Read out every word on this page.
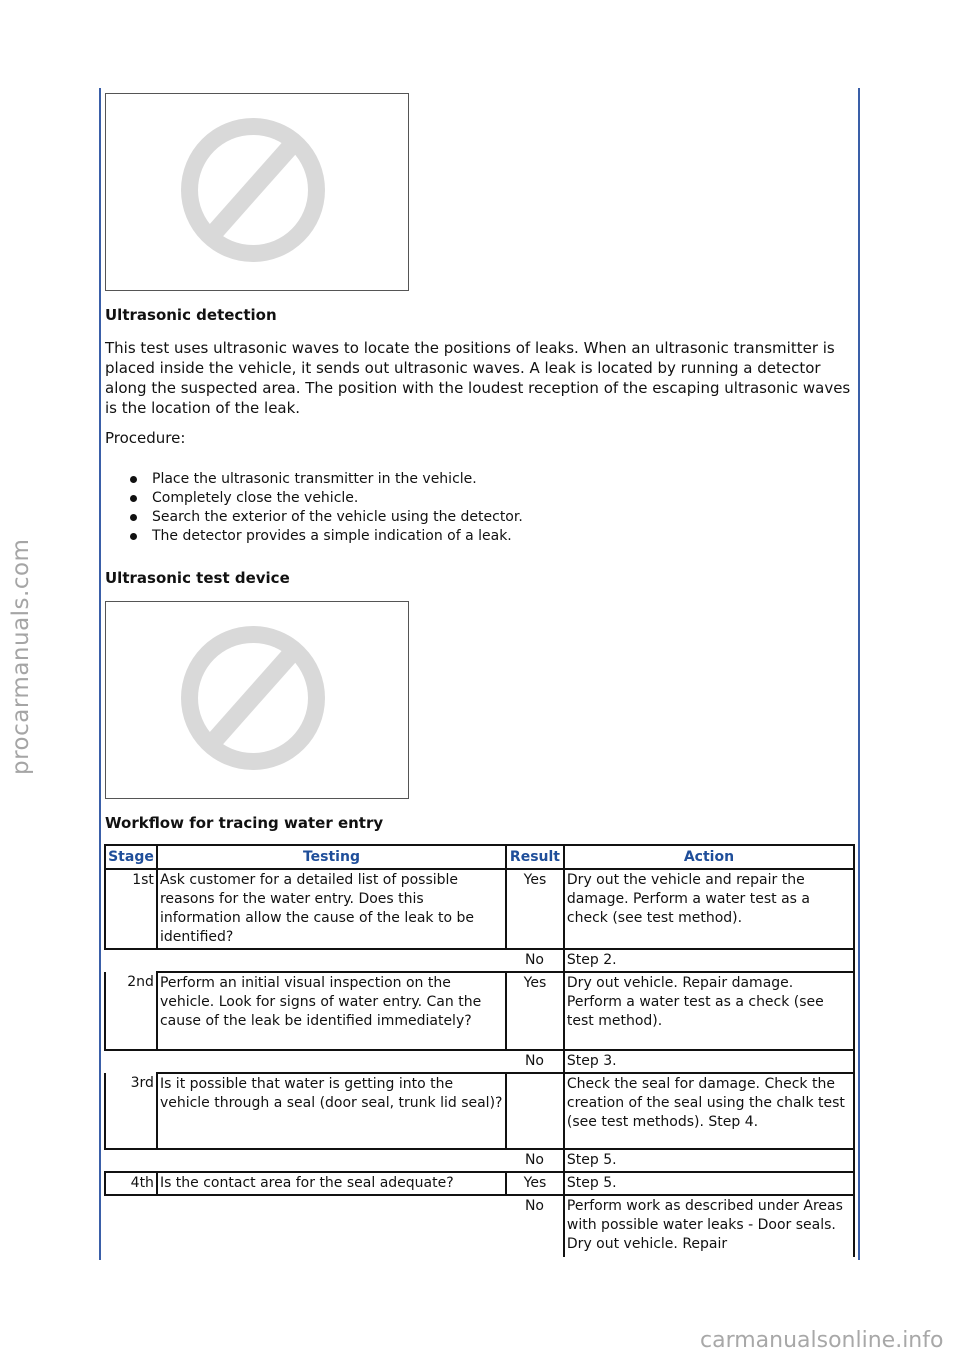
procarmanuals.com
Ultrasonic detection

This test uses ultrasonic waves to locate the positions of leaks. When an ultrasonic transmitter is placed inside the vehicle, it sends out ultrasonic waves. A leak is located by running a detector along the suspected area. The position with the loudest reception of the escaping ultrasonic waves is the location of the leak.

Procedure:

Place the ultrasonic transmitter in the vehicle.
Completely close the vehicle.
Search the exterior of the vehicle using the detector.
The detector provides a simple indication of a leak.
Ultrasonic test device
Workflow for tracing water entry
Stage	Testing	Result	Action
1st	Ask customer for a detailed list of possible reasons for the water entry. Does this information allow the cause of the leak to be identified?	Yes	Dry out the vehicle and repair the damage. Perform a water test as a check (see test method).
		No	Step 2.
2nd	Perform an initial visual inspection on the vehicle. Look for signs of water entry. Can the cause of the leak be identified immediately?	Yes	Dry out vehicle. Repair damage. Perform a water test as a check (see test method).
		No	Step 3.
3rd	Is it possible that water is getting into the vehicle through a seal (door seal, trunk lid seal)?		Check the seal for damage. Check the creation of the seal using the chalk test (see test methods). Step 4.
		No	Step 5.
4th	Is the contact area for the seal adequate?	Yes	Step 5.
		No	Perform work as described under Areas with possible water leaks - Door seals. Dry out vehicle. Repair
carmanualsonline.info
